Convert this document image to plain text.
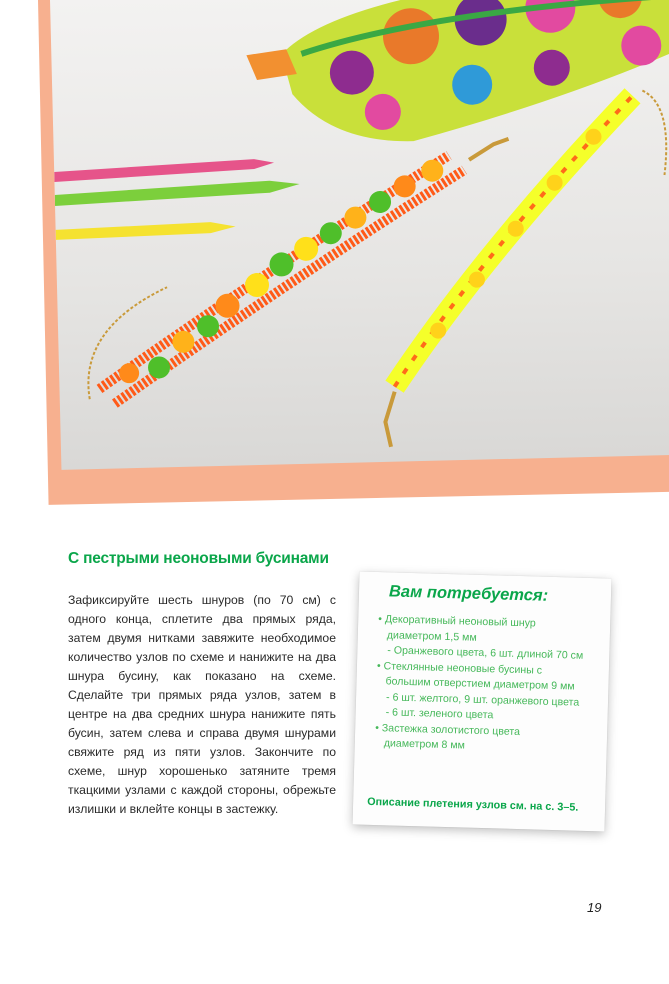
С пестрыми неоновыми бусинами
Зафиксируйте шесть шнуров (по 70 см) с одного конца, сплетите два прямых ряда, затем двумя нитками завяжите необходимое количество узлов по схеме и нанижите на два шнура бусину, как показано на схеме. Сделайте три прямых ряда узлов, затем в центре на два средних шнура нанижите пять бусин, затем слева и справа двумя шнурами свяжите ряд из пяти узлов. Закончите по схеме, шнур хорошенько затяните тремя ткацкими узлами с каждой стороны, обрежьте излишки и вклейте концы в застежку.
Вам потребуется:
• Декоративный неоновый шнур
диаметром 1,5 мм
- Оранжевого цвета, 6 шт. длиной 70 см
• Стеклянные неоновые бусины с
большим отверстием диаметром 9 мм
- 6 шт. желтого, 9 шт. оранжевого цвета
- 6 шт. зеленого цвета
• Застежка золотистого цвета
диаметром 8 мм
Описание плетения узлов см. на с. 3–5.
19
